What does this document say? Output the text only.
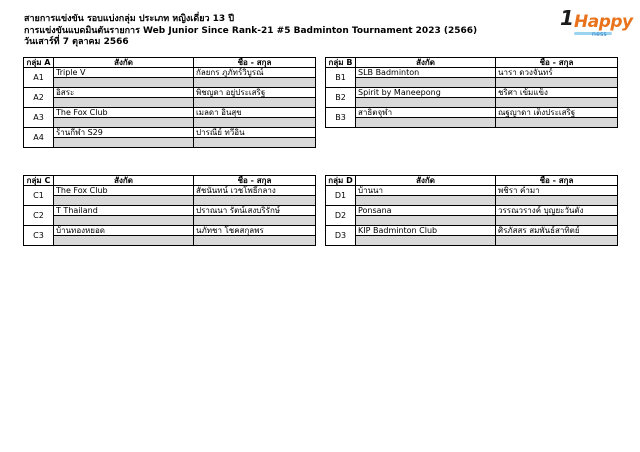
สายการแข่งขัน รอบแบ่งกลุ่ม ประเภท หญิงเดี่ยว 13 ปี
การแข่งขันแบดมินตันรายการ Web Junior Since Rank-21 #5 Badminton Tournament 2023 (2566)
วันเสาร์ที่ 7 ตุลาคม 2566
1 Happy
ness
กลุ่ม A	สังกัด	ชื่อ - สกุล
A1	Triple V	กัลยกร ภูภัทร์วิบูรณ์

A2	อิสระ	พิชญดา อยู่ประเสริฐ

A3	The Fox Club	เมลดา อินสุข

A4	ร้านกีฬา S29	ปารณีย์ ทวีอิ่น

กลุ่ม B	สังกัด	ชื่อ - สกุล
B1	SLB Badminton	นารา ดวงจันทร์

B2	Spirit by Maneepong	ชริศา เข้มแข็ง

B3	สาธิตจุฬา	ณฐญาดา เต็งประเสริฐ

กลุ่ม C	สังกัด	ชื่อ - สกุล
C1	The Fox Club	สัชนันทน์ เวชโพธิ์กลาง

C2	T Thailand	ปราณนา รัตน์เสงบริรักษ์

C3	บ้านทองหยอด	นภัทชา โชคสกุลพร

กลุ่ม D	สังกัด	ชื่อ - สกุล
D1	บ้านนา	พชิรา คำมา

D2	Ponsana	วรรณวรางค์ บุญยะวันตัง

D3	KIP Badminton Club	ศิรภัสสร สมพันธ์สาทิตย์
